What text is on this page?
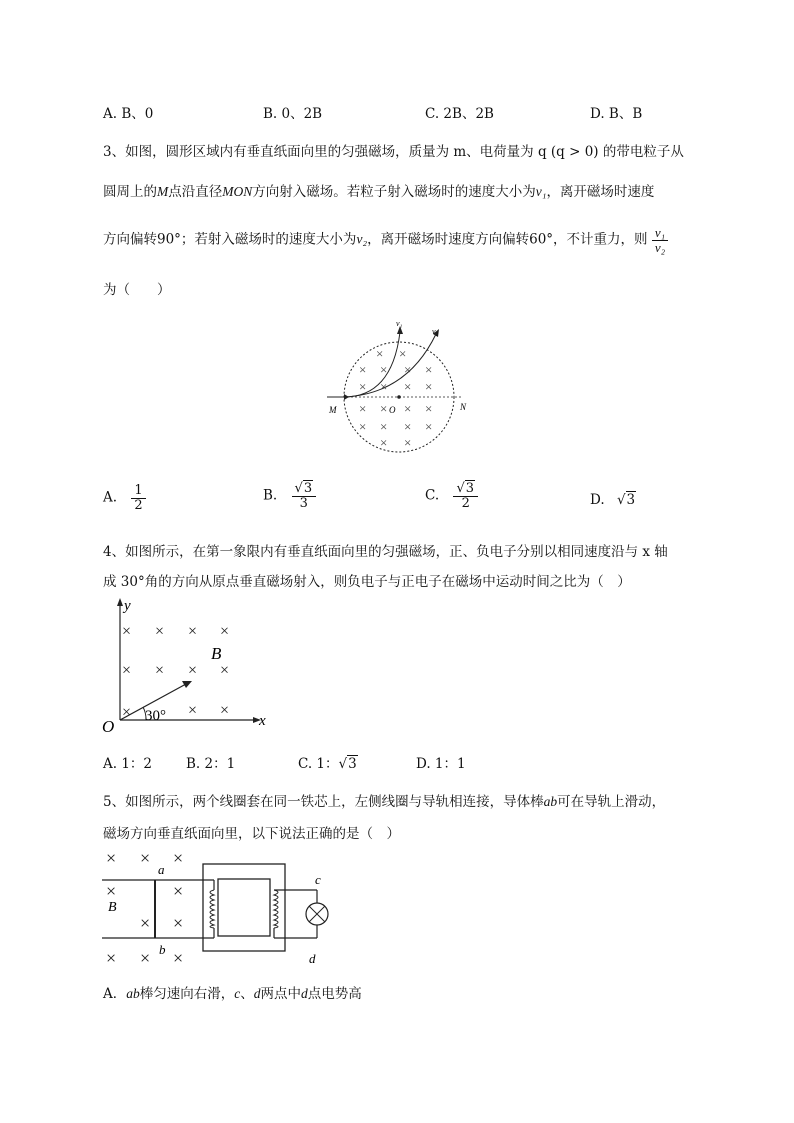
A. B、0	B. 0、2B	C. 2B、2B	D. B、B
3、如图，圆形区域内有垂直纸面向里的匀强磁场，质量为 m、电荷量为 q (q > 0) 的带电粒子从
圆周上的M点沿直径MON方向射入磁场。若粒子射入磁场时的速度大小为v₁，离开磁场时速度
方向偏转90°；若射入磁场时的速度大小为v₂，离开磁场时速度方向偏转60°，不计重力，则 $\frac{\text{v₁}}{\text{v₂}}$
为（　　）
v₁
v₂
M	O	N
× ×
× × × ×
× × × ×
× × × ×
× × × ×
× ×
A. $\frac{1}{2}$	B. $\frac{√3}{3}$	C. $\frac{√3}{2}$	D. √3
4、如图所示，在第一象限内有垂直纸面向里的匀强磁场，正、负电子分别以相同速度沿与 x 轴
成 30°角的方向从原点垂直磁场射入，则负电子与正电子在磁场中运动时间之比为（　）
y
x
O
B
30°
× × × ×
× × × ×
×	× ×
A. 1：2	B. 2：1	C. 1：√3	D. 1：1
5、如图所示，两个线圈套在同一铁芯上，左侧线圈与导轨相连接，导体棒ab可在导轨上滑动，
磁场方向垂直纸面向里，以下说法正确的是（　）
a
b
B
c
d
× × ×
×	×
× ×
× × ×
A．ab棒匀速向右滑，c、d两点中d点电势高
